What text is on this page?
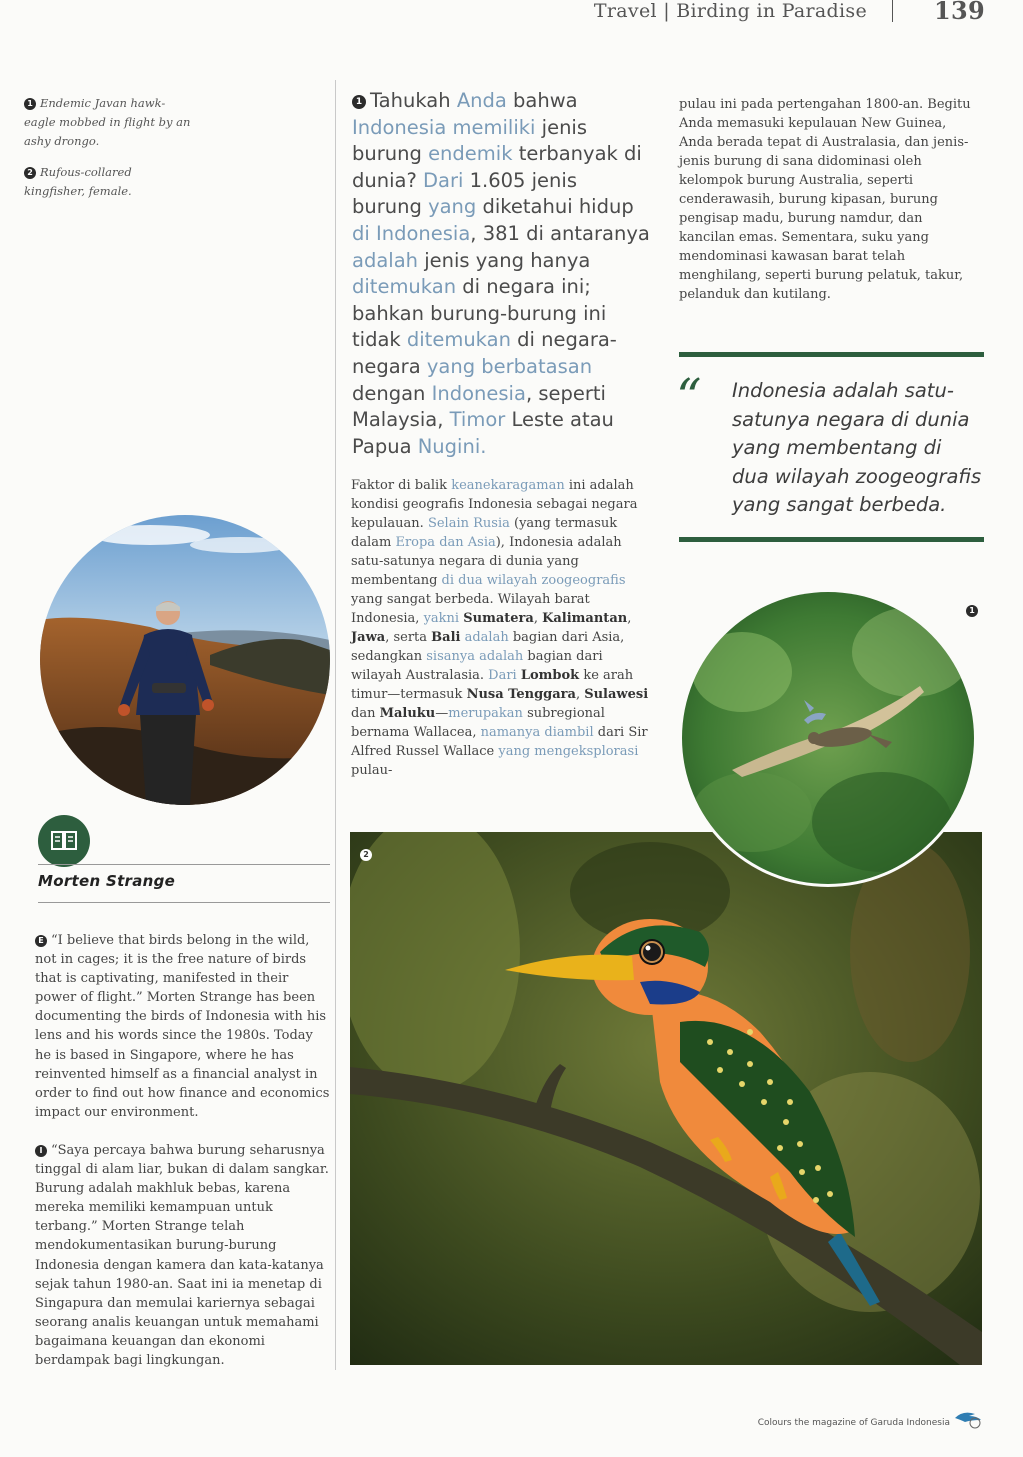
Travel | Birding in Paradise	139

1 Endemic Javan hawk-eagle mobbed in flight by an ashy drongo.

2 Rufous-collared kingfisher, female.

1 Tahukah Anda bahwa Indonesia memiliki jenis burung endemik terbanyak di dunia? Dari 1.605 jenis burung yang diketahui hidup di Indonesia, 381 di antaranya adalah jenis yang hanya ditemukan di negara ini; bahkan burung-burung ini tidak ditemukan di negara-negara yang berbatasan dengan Indonesia, seperti Malaysia, Timor Leste atau Papua Nugini.

Faktor di balik keanekaragaman ini adalah kondisi geografis Indonesia sebagai negara kepulauan. Selain Rusia (yang termasuk dalam Eropa dan Asia), Indonesia adalah satu-satunya negara di dunia yang membentang di dua wilayah zoogeografis yang sangat berbeda. Wilayah barat Indonesia, yakni Sumatera, Kalimantan, Jawa, serta Bali adalah bagian dari Asia, sedangkan sisanya adalah bagian dari wilayah Australasia. Dari Lombok ke arah timur—termasuk Nusa Tenggara, Sulawesi dan Maluku—merupakan subregional bernama Wallacea, namanya diambil dari Sir Alfred Russel Wallace yang mengeksplorasi pulau-

pulau ini pada pertengahan 1800-an. Begitu Anda memasuki kepulauan New Guinea, Anda berada tepat di Australasia, dan jenis-jenis burung di sana didominasi oleh kelompok burung Australia, seperti cenderawasih, burung kipasan, burung pengisap madu, burung namdur, dan kancilan emas. Sementara, suku yang mendominasi kawasan barat telah menghilang, seperti burung pelatuk, takur, pelanduk dan kutilang.

“ Indonesia adalah satu-satunya negara di dunia yang membentang di dua wilayah zoogeografis yang sangat berbeda.
Morten Strange

E “I believe that birds belong in the wild, not in cages; it is the free nature of birds that is captivating, manifested in their power of flight.” Morten Strange has been documenting the birds of Indonesia with his lens and his words since the 1980s. Today he is based in Singapore, where he has reinvented himself as a financial analyst in order to find out how finance and economics impact our environment.

I “Saya percaya bahwa burung seharusnya tinggal di alam liar, bukan di dalam sangkar. Burung adalah makhluk bebas, karena mereka memiliki kemampuan untuk terbang.” Morten Strange telah mendokumentasikan burung-burung Indonesia dengan kamera dan kata-katanya sejak tahun 1980-an. Saat ini ia menetap di Singapura dan memulai kariernya sebagai seorang analis keuangan untuk memahami bagaimana keuangan dan ekonomi berdampak bagi lingkungan.

1
2
Colours the magazine of Garuda Indonesia
